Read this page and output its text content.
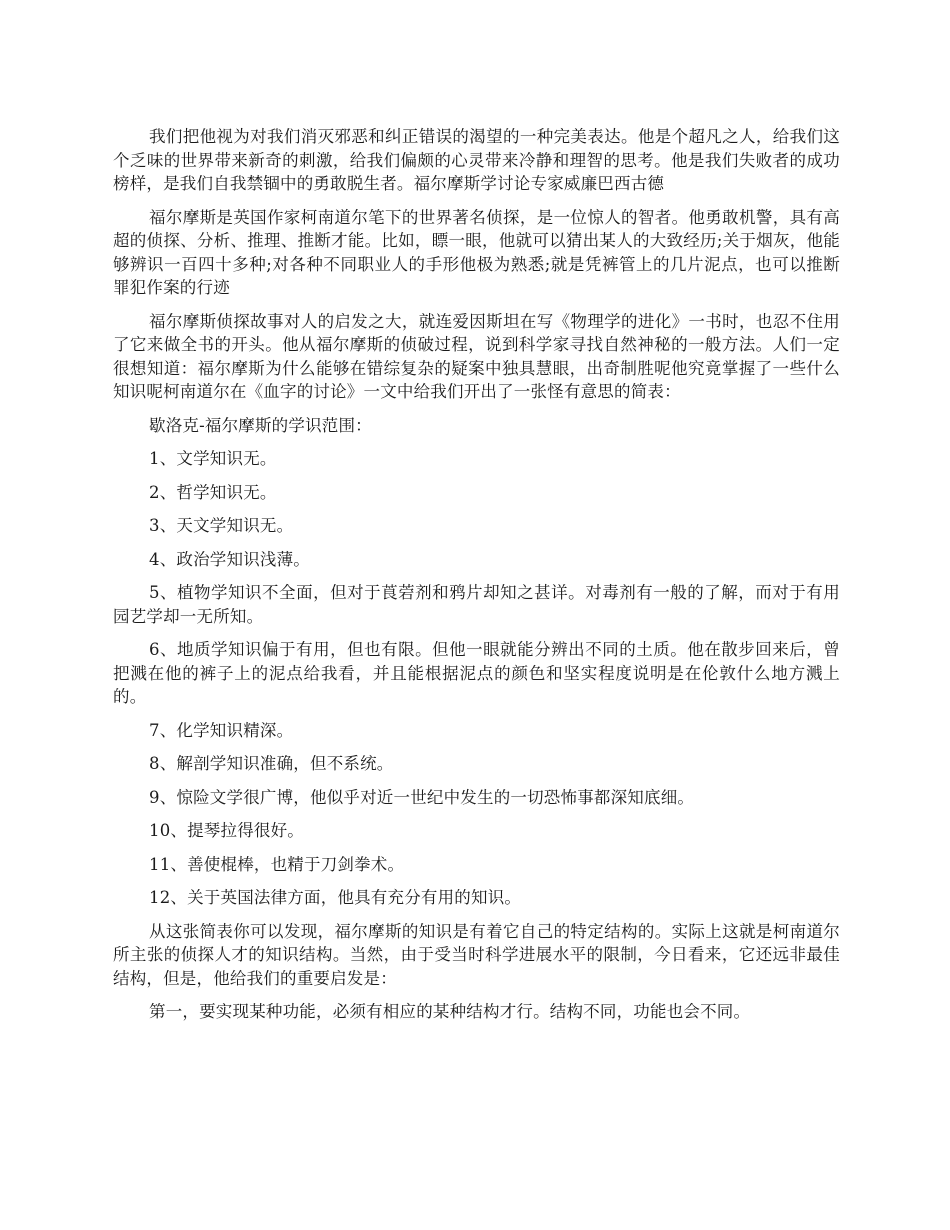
我们把他视为对我们消灭邪恶和纠正错误的渴望的一种完美表达。他是个超凡之人，给我们这个乏味的世界带来新奇的刺激，给我们偏颇的心灵带来冷静和理智的思考。他是我们失败者的成功榜样，是我们自我禁锢中的勇敢脱生者。福尔摩斯学讨论专家威廉巴西古德

福尔摩斯是英国作家柯南道尔笔下的世界著名侦探，是一位惊人的智者。他勇敢机警，具有高超的侦探、分析、推理、推断才能。比如，瞟一眼，他就可以猜出某人的大致经历;关于烟灰，他能够辨识一百四十多种;对各种不同职业人的手形他极为熟悉;就是凭裤管上的几片泥点，也可以推断罪犯作案的行迹

福尔摩斯侦探故事对人的启发之大，就连爱因斯坦在写《物理学的进化》一书时，也忍不住用了它来做全书的开头。他从福尔摩斯的侦破过程，说到科学家寻找自然神秘的一般方法。人们一定很想知道：福尔摩斯为什么能够在错综复杂的疑案中独具慧眼，出奇制胜呢他究竟掌握了一些什么知识呢柯南道尔在《血字的讨论》一文中给我们开出了一张怪有意思的简表：

歇洛克-福尔摩斯的学识范围：

1、文学知识无。

2、哲学知识无。

3、天文学知识无。

4、政治学知识浅薄。

5、植物学知识不全面，但对于莨菪剂和鸦片却知之甚详。对毒剂有一般的了解，而对于有用园艺学却一无所知。

6、地质学知识偏于有用，但也有限。但他一眼就能分辨出不同的土质。他在散步回来后，曾把溅在他的裤子上的泥点给我看，并且能根据泥点的颜色和坚实程度说明是在伦敦什么地方溅上的。

7、化学知识精深。

8、解剖学知识准确，但不系统。

9、惊险文学很广博，他似乎对近一世纪中发生的一切恐怖事都深知底细。

10、提琴拉得很好。

11、善使棍棒，也精于刀剑拳术。

12、关于英国法律方面，他具有充分有用的知识。

从这张简表你可以发现，福尔摩斯的知识是有着它自己的特定结构的。实际上这就是柯南道尔所主张的侦探人才的知识结构。当然，由于受当时科学进展水平的限制，今日看来，它还远非最佳结构，但是，他给我们的重要启发是：

第一，要实现某种功能，必须有相应的某种结构才行。结构不同，功能也会不同。
